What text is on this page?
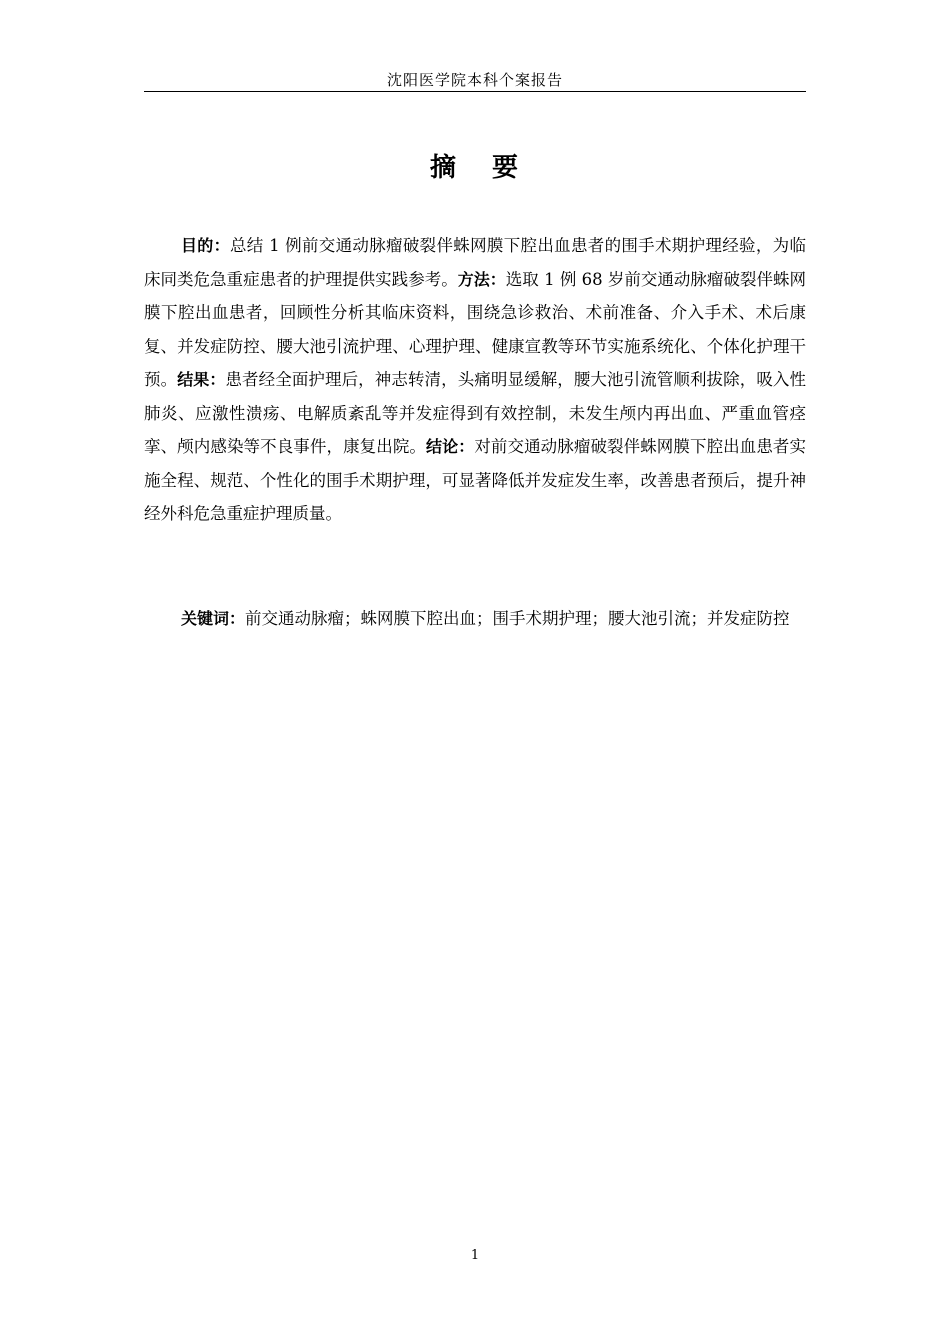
沈阳医学院本科个案报告
摘 要

目的：总结 1 例前交通动脉瘤破裂伴蛛网膜下腔出血患者的围手术期护理经验，为临床同类危急重症患者的护理提供实践参考。方法：选取 1 例 68 岁前交通动脉瘤破裂伴蛛网膜下腔出血患者，回顾性分析其临床资料，围绕急诊救治、术前准备、介入手术、术后康复、并发症防控、腰大池引流护理、心理护理、健康宣教等环节实施系统化、个体化护理干预。结果：患者经全面护理后，神志转清，头痛明显缓解，腰大池引流管顺利拔除，吸入性肺炎、应激性溃疡、电解质紊乱等并发症得到有效控制，未发生颅内再出血、严重血管痉挛、颅内感染等不良事件，康复出院。结论：对前交通动脉瘤破裂伴蛛网膜下腔出血患者实施全程、规范、个性化的围手术期护理，可显著降低并发症发生率，改善患者预后，提升神经外科危急重症护理质量。

关键词：前交通动脉瘤；蛛网膜下腔出血；围手术期护理；腰大池引流；并发症防控

1
